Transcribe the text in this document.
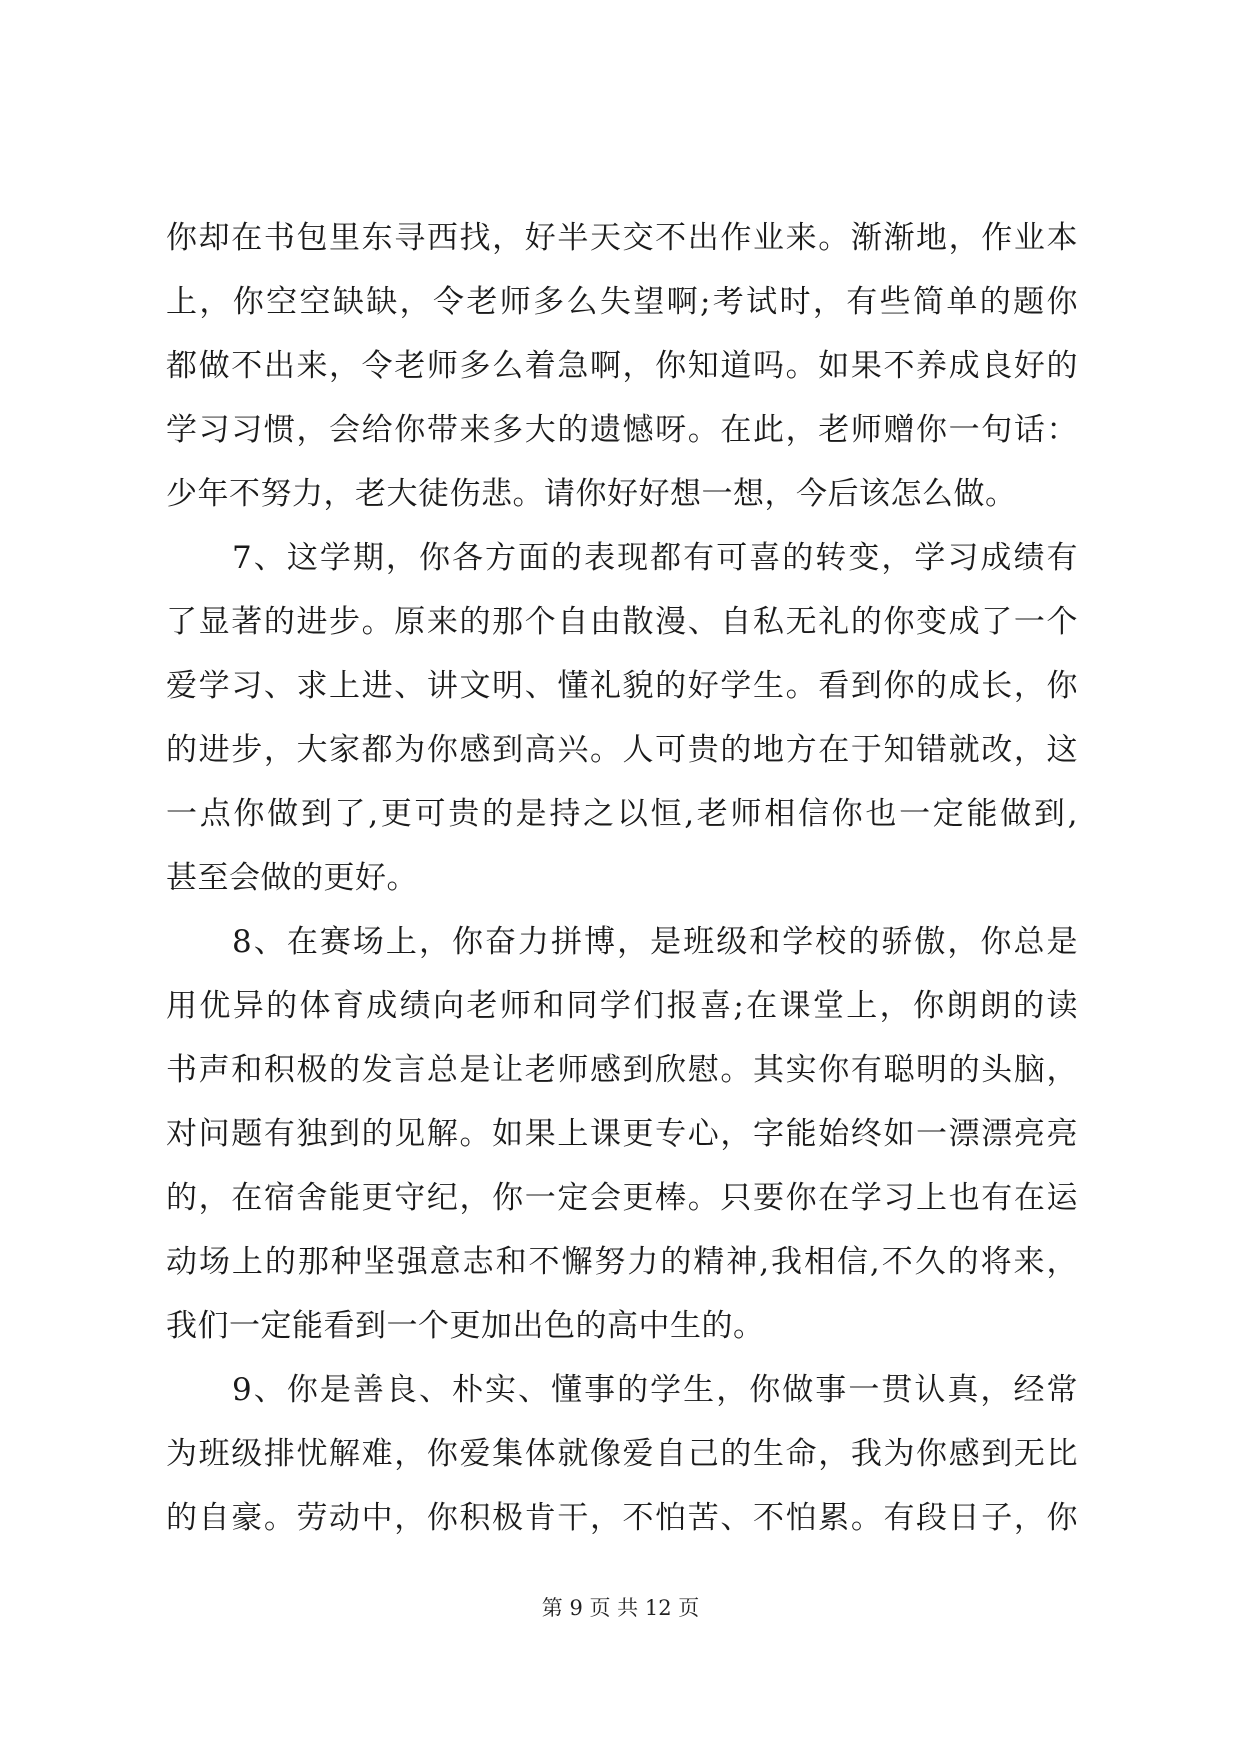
你却在书包里东寻西找，好半天交不出作业来。渐渐地，作业本
上，你空空缺缺，令老师多么失望啊;考试时，有些简单的题你
都做不出来，令老师多么着急啊，你知道吗。如果不养成良好的
学习习惯，会给你带来多大的遗憾呀。在此，老师赠你一句话：
少年不努力，老大徒伤悲。请你好好想一想，今后该怎么做。
　　7、这学期，你各方面的表现都有可喜的转变，学习成绩有
了显著的进步。原来的那个自由散漫、自私无礼的你变成了一个
爱学习、求上进、讲文明、懂礼貌的好学生。看到你的成长，你
的进步，大家都为你感到高兴。人可贵的地方在于知错就改，这
一点你做到了,更可贵的是持之以恒,老师相信你也一定能做到,
甚至会做的更好。
　　8、在赛场上，你奋力拼博，是班级和学校的骄傲，你总是
用优异的体育成绩向老师和同学们报喜;在课堂上，你朗朗的读
书声和积极的发言总是让老师感到欣慰。其实你有聪明的头脑，
对问题有独到的见解。如果上课更专心，字能始终如一漂漂亮亮
的，在宿舍能更守纪，你一定会更棒。只要你在学习上也有在运
动场上的那种坚强意志和不懈努力的精神,我相信,不久的将来，
我们一定能看到一个更加出色的高中生的。
　　9、你是善良、朴实、懂事的学生，你做事一贯认真，经常
为班级排忧解难，你爱集体就像爱自己的生命，我为你感到无比
的自豪。劳动中，你积极肯干，不怕苦、不怕累。有段日子，你
第 9 页 共 12 页
